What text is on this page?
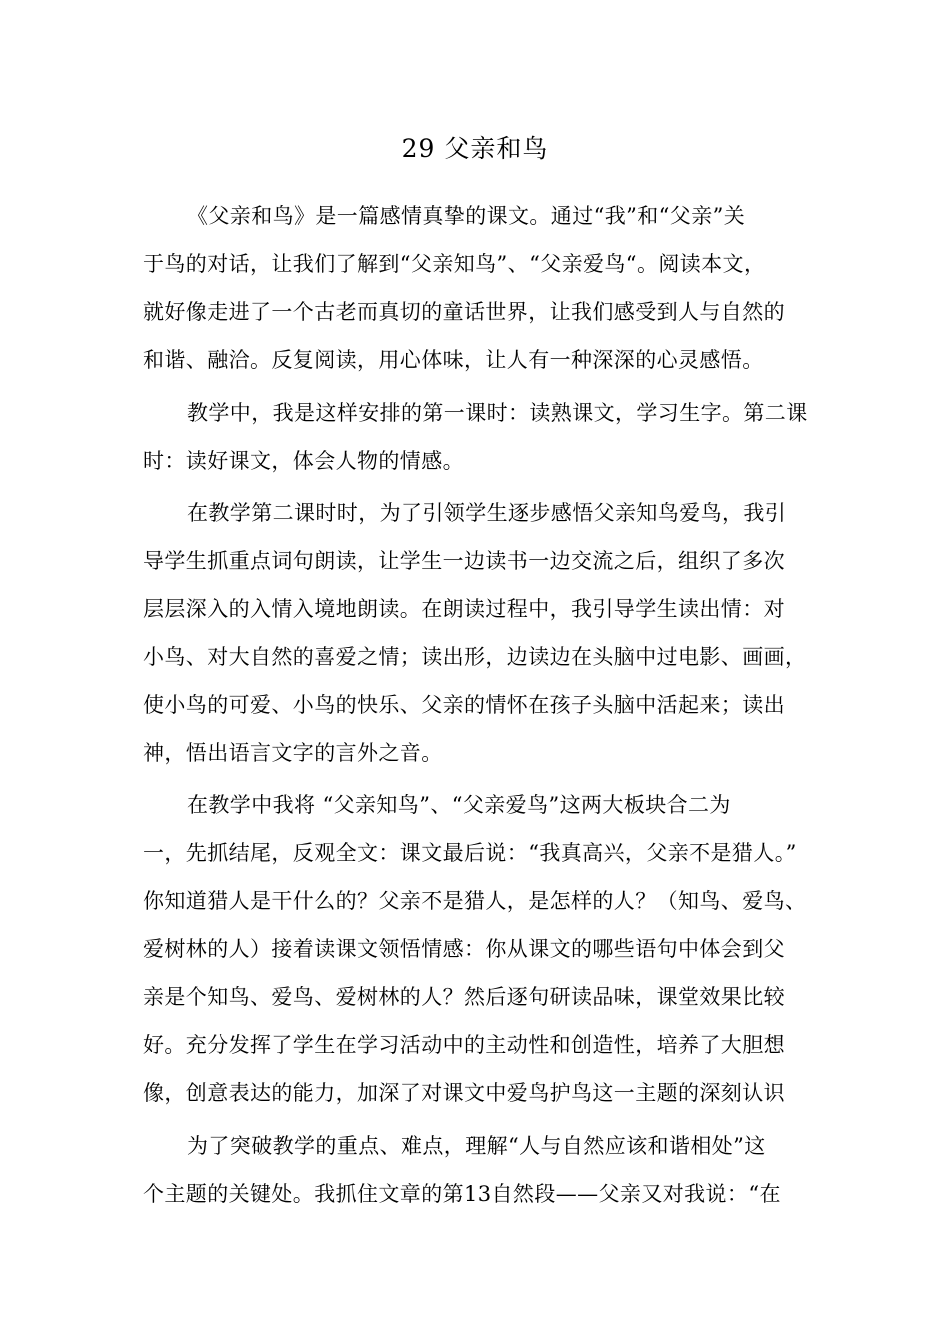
29 父亲和鸟
《父亲和鸟》是一篇感情真挚的课文。通过“我”和“父亲”关
于鸟的对话，让我们了解到“父亲知鸟”、“父亲爱鸟“。阅读本文，
就好像走进了一个古老而真切的童话世界，让我们感受到人与自然的
和谐、融洽。反复阅读，用心体味，让人有一种深深的心灵感悟。
教学中，我是这样安排的第一课时：读熟课文，学习生字。第二课
时：读好课文，体会人物的情感。
在教学第二课时时，为了引领学生逐步感悟父亲知鸟爱鸟，我引
导学生抓重点词句朗读，让学生一边读书一边交流之后，组织了多次
层层深入的入情入境地朗读。在朗读过程中，我引导学生读出情：对
小鸟、对大自然的喜爱之情；读出形，边读边在头脑中过电影、画画，
使小鸟的可爱、小鸟的快乐、父亲的情怀在孩子头脑中活起来；读出
神，悟出语言文字的言外之音。
在教学中我将 “父亲知鸟”、“父亲爱鸟”这两大板块合二为
一，先抓结尾，反观全文：课文最后说：“我真高兴，父亲不是猎人。”
你知道猎人是干什么的？父亲不是猎人，是怎样的人？（知鸟、爱鸟、
爱树林的人）接着读课文领悟情感：你从课文的哪些语句中体会到父
亲是个知鸟、爱鸟、爱树林的人？然后逐句研读品味，课堂效果比较
好。充分发挥了学生在学习活动中的主动性和创造性，培养了大胆想
像，创意表达的能力，加深了对课文中爱鸟护鸟这一主题的深刻认识
为了突破教学的重点、难点，理解“人与自然应该和谐相处”这
个主题的关键处。我抓住文章的第13自然段——父亲又对我说：“在
